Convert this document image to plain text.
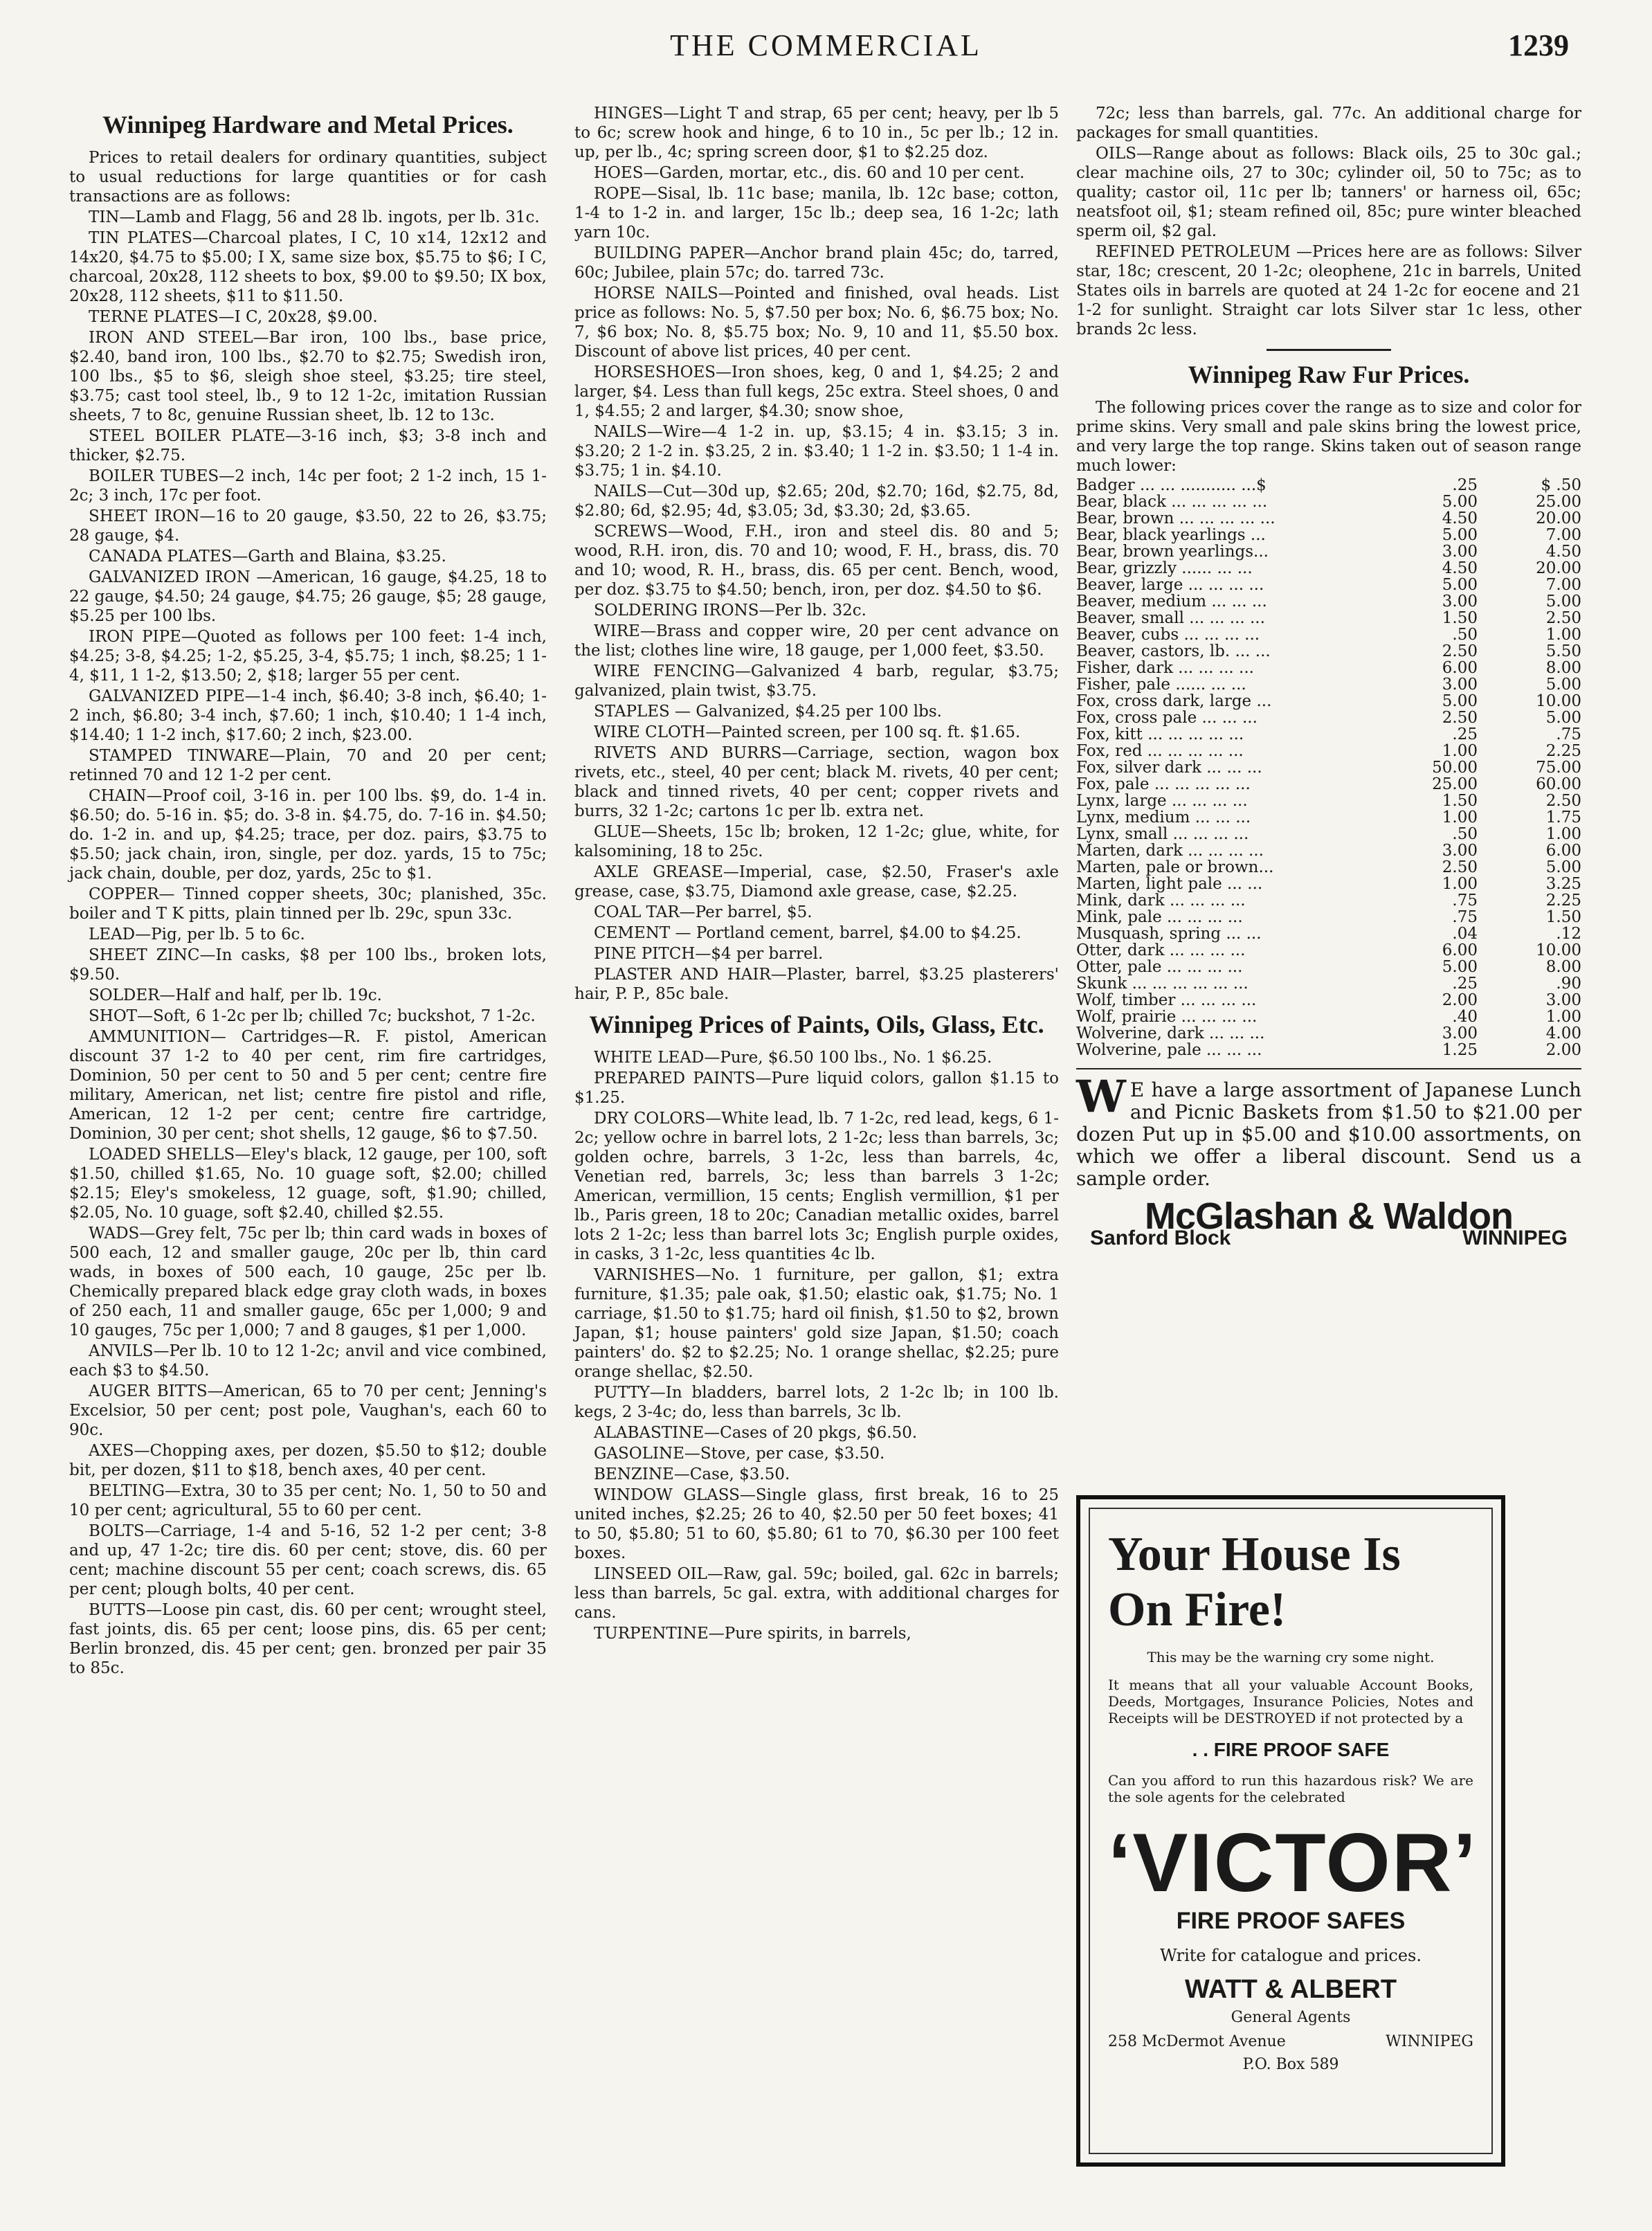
THE COMMERCIAL	1239
Winnipeg Hardware and Metal Prices.

Prices to retail dealers for ordinary quantities, subject to usual reductions for large quantities or for cash transactions are as follows:

TIN—Lamb and Flagg, 56 and 28 lb. ingots, per lb. 31c.

TIN PLATES—Charcoal plates, I C, 10 x14, 12x12 and 14x20, $4.75 to $5.00; I X, same size box, $5.75 to $6; I C, charcoal, 20x28, 112 sheets to box, $9.00 to $9.50; IX box, 20x28, 112 sheets, $11 to $11.50.

TERNE PLATES—I C, 20x28, $9.00.

IRON AND STEEL—Bar iron, 100 lbs., base price, $2.40, band iron, 100 lbs., $2.70 to $2.75; Swedish iron, 100 lbs., $5 to $6, sleigh shoe steel, $3.25; tire steel, $3.75; cast tool steel, lb., 9 to 12 1-2c, imitation Russian sheets, 7 to 8c, genuine Russian sheet, lb. 12 to 13c.

STEEL BOILER PLATE—3-16 inch, $3; 3-8 inch and thicker, $2.75.

BOILER TUBES—2 inch, 14c per foot; 2 1-2 inch, 15 1-2c; 3 inch, 17c per foot.

SHEET IRON—16 to 20 gauge, $3.50, 22 to 26, $3.75; 28 gauge, $4.

CANADA PLATES—Garth and Blaina, $3.25.

GALVANIZED IRON —American, 16 gauge, $4.25, 18 to 22 gauge, $4.50; 24 gauge, $4.75; 26 gauge, $5; 28 gauge, $5.25 per 100 lbs.

IRON PIPE—Quoted as follows per 100 feet: 1-4 inch, $4.25; 3-8, $4.25; 1-2, $5.25, 3-4, $5.75; 1 inch, $8.25; 1 1-4, $11, 1 1-2, $13.50; 2, $18; larger 55 per cent.

GALVANIZED PIPE—1-4 inch, $6.40; 3-8 inch, $6.40; 1-2 inch, $6.80; 3-4 inch, $7.60; 1 inch, $10.40; 1 1-4 inch, $14.40; 1 1-2 inch, $17.60; 2 inch, $23.00.

STAMPED TINWARE—Plain, 70 and 20 per cent; retinned 70 and 12 1-2 per cent.

CHAIN—Proof coil, 3-16 in. per 100 lbs. $9, do. 1-4 in. $6.50; do. 5-16 in. $5; do. 3-8 in. $4.75, do. 7-16 in. $4.50; do. 1-2 in. and up, $4.25; trace, per doz. pairs, $3.75 to $5.50; jack chain, iron, single, per doz. yards, 15 to 75c; jack chain, double, per doz, yards, 25c to $1.

COPPER— Tinned copper sheets, 30c; planished, 35c. boiler and T K pitts, plain tinned per lb. 29c, spun 33c.

LEAD—Pig, per lb. 5 to 6c.

SHEET ZINC—In casks, $8 per 100 lbs., broken lots, $9.50.

SOLDER—Half and half, per lb. 19c.

SHOT—Soft, 6 1-2c per lb; chilled 7c; buckshot, 7 1-2c.

AMMUNITION— Cartridges—R. F. pistol, American discount 37 1-2 to 40 per cent, rim fire cartridges, Dominion, 50 per cent to 50 and 5 per cent; centre fire military, American, net list; centre fire pistol and rifle, American, 12 1-2 per cent; centre fire cartridge, Dominion, 30 per cent; shot shells, 12 gauge, $6 to $7.50.

LOADED SHELLS—Eley's black, 12 gauge, per 100, soft $1.50, chilled $1.65, No. 10 guage soft, $2.00; chilled $2.15; Eley's smokeless, 12 guage, soft, $1.90; chilled, $2.05, No. 10 guage, soft $2.40, chilled $2.55.

WADS—Grey felt, 75c per lb; thin card wads in boxes of 500 each, 12 and smaller gauge, 20c per lb, thin card wads, in boxes of 500 each, 10 gauge, 25c per lb. Chemically prepared black edge gray cloth wads, in boxes of 250 each, 11 and smaller gauge, 65c per 1,000; 9 and 10 gauges, 75c per 1,000; 7 and 8 gauges, $1 per 1,000.

ANVILS—Per lb. 10 to 12 1-2c; anvil and vice combined, each $3 to $4.50.

AUGER BITTS—American, 65 to 70 per cent; Jenning's Excelsior, 50 per cent; post pole, Vaughan's, each 60 to 90c.

AXES—Chopping axes, per dozen, $5.50 to $12; double bit, per dozen, $11 to $18, bench axes, 40 per cent.

BELTING—Extra, 30 to 35 per cent; No. 1, 50 to 50 and 10 per cent; agricultural, 55 to 60 per cent.

BOLTS—Carriage, 1-4 and 5-16, 52 1-2 per cent; 3-8 and up, 47 1-2c; tire dis. 60 per cent; stove, dis. 60 per cent; machine discount 55 per cent; coach screws, dis. 65 per cent; plough bolts, 40 per cent.

BUTTS—Loose pin cast, dis. 60 per cent; wrought steel, fast joints, dis. 65 per cent; loose pins, dis. 65 per cent; Berlin bronzed, dis. 45 per cent; gen. bronzed per pair 35 to 85c.

HINGES—Light T and strap, 65 per cent; heavy, per lb 5 to 6c; screw hook and hinge, 6 to 10 in., 5c per lb.; 12 in. up, per lb., 4c; spring screen door, $1 to $2.25 doz.

HOES—Garden, mortar, etc., dis. 60 and 10 per cent.

ROPE—Sisal, lb. 11c base; manila, lb. 12c base; cotton, 1-4 to 1-2 in. and larger, 15c lb.; deep sea, 16 1-2c; lath yarn 10c.

BUILDING PAPER—Anchor brand plain 45c; do, tarred, 60c; Jubilee, plain 57c; do. tarred 73c.

HORSE NAILS—Pointed and finished, oval heads. List price as follows: No. 5, $7.50 per box; No. 6, $6.75 box; No. 7, $6 box; No. 8, $5.75 box; No. 9, 10 and 11, $5.50 box. Discount of above list prices, 40 per cent.

HORSESHOES—Iron shoes, keg, 0 and 1, $4.25; 2 and larger, $4. Less than full kegs, 25c extra. Steel shoes, 0 and 1, $4.55; 2 and larger, $4.30; snow shoe,

NAILS—Wire—4 1-2 in. up, $3.15; 4 in. $3.15; 3 in. $3.20; 2 1-2 in. $3.25, 2 in. $3.40; 1 1-2 in. $3.50; 1 1-4 in. $3.75; 1 in. $4.10.

NAILS—Cut—30d up, $2.65; 20d, $2.70; 16d, $2.75, 8d, $2.80; 6d, $2.95; 4d, $3.05; 3d, $3.30; 2d, $3.65.

SCREWS—Wood, F.H., iron and steel dis. 80 and 5; wood, R.H. iron, dis. 70 and 10; wood, F. H., brass, dis. 70 and 10; wood, R. H., brass, dis. 65 per cent. Bench, wood, per doz. $3.75 to $4.50; bench, iron, per doz. $4.50 to $6.

SOLDERING IRONS—Per lb. 32c.

WIRE—Brass and copper wire, 20 per cent advance on the list; clothes line wire, 18 gauge, per 1,000 feet, $3.50.

WIRE FENCING—Galvanized 4 barb, regular, $3.75; galvanized, plain twist, $3.75.

STAPLES — Galvanized, $4.25 per 100 lbs.

WIRE CLOTH—Painted screen, per 100 sq. ft. $1.65.

RIVETS AND BURRS—Carriage, section, wagon box rivets, etc., steel, 40 per cent; black M. rivets, 40 per cent; black and tinned rivets, 40 per cent; copper rivets and burrs, 32 1-2c; cartons 1c per lb. extra net.

GLUE—Sheets, 15c lb; broken, 12 1-2c; glue, white, for kalsomining, 18 to 25c.

AXLE GREASE—Imperial, case, $2.50, Fraser's axle grease, case, $3.75, Diamond axle grease, case, $2.25.

COAL TAR—Per barrel, $5.

CEMENT — Portland cement, barrel, $4.00 to $4.25.

PINE PITCH—$4 per barrel.

PLASTER AND HAIR—Plaster, barrel, $3.25 plasterers' hair, P. P., 85c bale.

Winnipeg Prices of Paints, Oils, Glass, Etc.

WHITE LEAD—Pure, $6.50 100 lbs., No. 1 $6.25.

PREPARED PAINTS—Pure liquid colors, gallon $1.15 to $1.25.

DRY COLORS—White lead, lb. 7 1-2c, red lead, kegs, 6 1-2c; yellow ochre in barrel lots, 2 1-2c; less than barrels, 3c; golden ochre, barrels, 3 1-2c, less than barrels, 4c, Venetian red, barrels, 3c; less than barrels 3 1-2c; American, vermillion, 15 cents; English vermillion, $1 per lb., Paris green, 18 to 20c; Canadian metallic oxides, barrel lots 2 1-2c; less than barrel lots 3c; English purple oxides, in casks, 3 1-2c, less quantities 4c lb.

VARNISHES—No. 1 furniture, per gallon, $1; extra furniture, $1.35; pale oak, $1.50; elastic oak, $1.75; No. 1 carriage, $1.50 to $1.75; hard oil finish, $1.50 to $2, brown Japan, $1; house painters' gold size Japan, $1.50; coach painters' do. $2 to $2.25; No. 1 orange shellac, $2.25; pure orange shellac, $2.50.

PUTTY—In bladders, barrel lots, 2 1-2c lb; in 100 lb. kegs, 2 3-4c; do, less than barrels, 3c lb.

ALABASTINE—Cases of 20 pkgs, $6.50.

GASOLINE—Stove, per case, $3.50.

BENZINE—Case, $3.50.

WINDOW GLASS—Single glass, first break, 16 to 25 united inches, $2.25; 26 to 40, $2.50 per 50 feet boxes; 41 to 50, $5.80; 51 to 60, $5.80; 61 to 70, $6.30 per 100 feet boxes.

LINSEED OIL—Raw, gal. 59c; boiled, gal. 62c in barrels; less than barrels, 5c gal. extra, with additional charges for cans.

TURPENTINE—Pure spirits, in barrels,

72c; less than barrels, gal. 77c. An additional charge for packages for small quantities.

OILS—Range about as follows: Black oils, 25 to 30c gal.; clear machine oils, 27 to 30c; cylinder oil, 50 to 75c; as to quality; castor oil, 11c per lb; tanners' or harness oil, 65c; neatsfoot oil, $1; steam refined oil, 85c; pure winter bleached sperm oil, $2 gal.

REFINED PETROLEUM —Prices here are as follows: Silver star, 18c; crescent, 20 1-2c; oleophene, 21c in barrels, United States oils in barrels are quoted at 24 1-2c for eocene and 21 1-2 for sunlight. Straight car lots Silver star 1c less, other brands 2c less.

Winnipeg Raw Fur Prices.

The following prices cover the range as to size and color for prime skins. Very small and pale skins bring the lowest price, and very large the top range. Skins taken out of season range much lower:

Badger ... ... ........... ...$	.25	$ .50
Bear, black ... ... ... ... ...	5.00	25.00
Bear, brown ... ... ... ... ...	4.50	20.00
Bear, black yearlings ...	5.00	7.00
Bear, brown yearlings...	3.00	4.50
Bear, grizzly ...... ... ...	4.50	20.00
Beaver, large ... ... ... ...	5.00	7.00
Beaver, medium ... ... ...	3.00	5.00
Beaver, small ... ... ... ...	1.50	2.50
Beaver, cubs ... ... ... ...	.50	1.00
Beaver, castors, lb. ... ...	2.50	5.50
Fisher, dark ... ... ... ...	6.00	8.00
Fisher, pale ...... ... ...	3.00	5.00
Fox, cross dark, large ...	5.00	10.00
Fox, cross pale ... ... ...	2.50	5.00
Fox, kitt ... ... ... ... ...	.25	.75
Fox, red ... ... ... ... ...	1.00	2.25
Fox, silver dark ... ... ...	50.00	75.00
Fox, pale ... ... ... ... ...	25.00	60.00
Lynx, large ... ... ... ...	1.50	2.50
Lynx, medium ... ... ...	1.00	1.75
Lynx, small ... ... ... ...	.50	1.00
Marten, dark ... ... ... ...	3.00	6.00
Marten, pale or brown...	2.50	5.00
Marten, light pale ... ...	1.00	3.25
Mink, dark ... ... ... ...	.75	2.25
Mink, pale ... ... ... ...	.75	1.50
Musquash, spring ... ...	.04	.12
Otter, dark ... ... ... ...	6.00	10.00
Otter, pale ... ... ... ...	5.00	8.00
Skunk ... ... ... ... ... ...	.25	.90
Wolf, timber ... ... ... ...	2.00	3.00
Wolf, prairie ... ... ... ...	.40	1.00
Wolverine, dark ... ... ...	3.00	4.00
Wolverine, pale ... ... ...	1.25	2.00
W E have a large assortment of Japanese Lunch and Picnic Baskets from $1.50 to $21.00 per dozen Put up in $5.00 and $10.00 assortments, on which we offer a liberal discount. Send us a sample order.
McGlashan & Waldon
Sanford Block	WINNIPEG
Your House Is On Fire!
This may be the warning cry some night.
It means that all your valuable Account Books, Deeds, Mortgages, Insurance Policies, Notes and Receipts will be DESTROYED if not protected by a
. . FIRE PROOF SAFE
Can you afford to run this hazardous risk? We are the sole agents for the celebrated
‘VICTOR’
FIRE PROOF SAFES
Write for catalogue and prices.
WATT & ALBERT
General Agents
258 McDermot Avenue	WINNIPEG
P.O. Box 589
